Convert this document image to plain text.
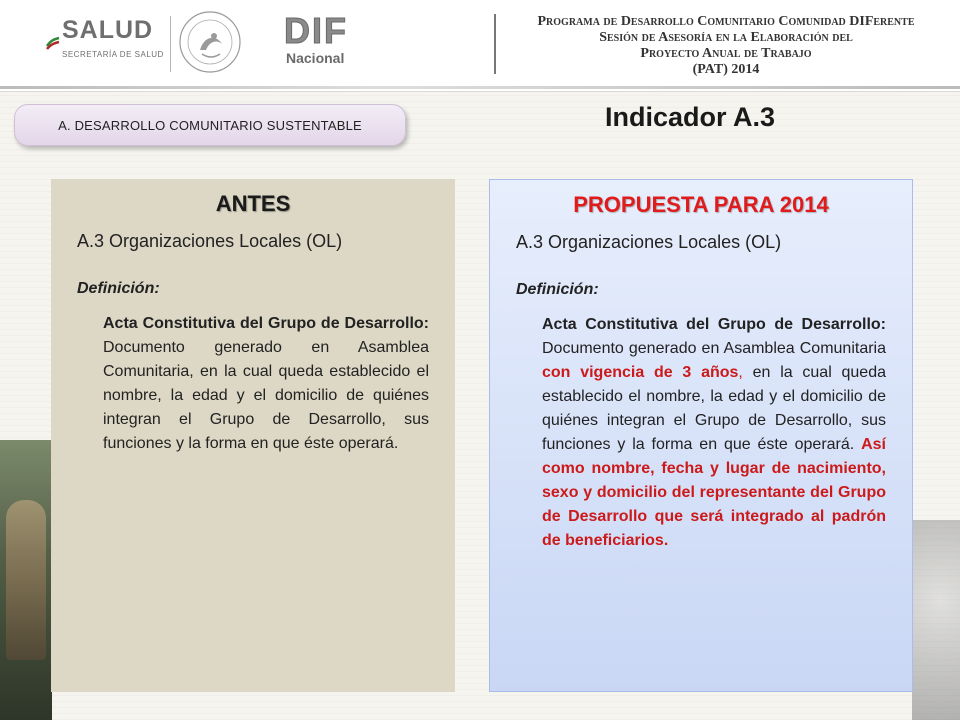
SALUD
SECRETARÍA DE SALUD
DIF
Nacional
Programa de Desarrollo Comunitario Comunidad DIFerente
Sesión de Asesoría en la Elaboración del
Proyecto Anual de Trabajo
(PAT) 2014
A. DESARROLLO COMUNITARIO SUSTENTABLE	Indicador A.3
ANTES
A.3 Organizaciones Locales (OL)
Definición:
Acta Constitutiva del Grupo de Desarrollo: Documento generado en Asamblea Comunitaria, en la cual queda establecido el nombre, la edad y el domicilio de quiénes integran el Grupo de Desarrollo, sus funciones y la forma en que éste operará.
PROPUESTA PARA 2014
A.3 Organizaciones Locales (OL)
Definición:
Acta Constitutiva del Grupo de Desarrollo: Documento generado en Asamblea Comunitaria con vigencia de 3 años, en la cual queda establecido el nombre, la edad y el domicilio de quiénes integran el Grupo de Desarrollo, sus funciones y la forma en que éste operará. Así como nombre, fecha y lugar de nacimiento, sexo y domicilio del representante del Grupo de Desarrollo que será integrado al padrón de beneficiarios.
